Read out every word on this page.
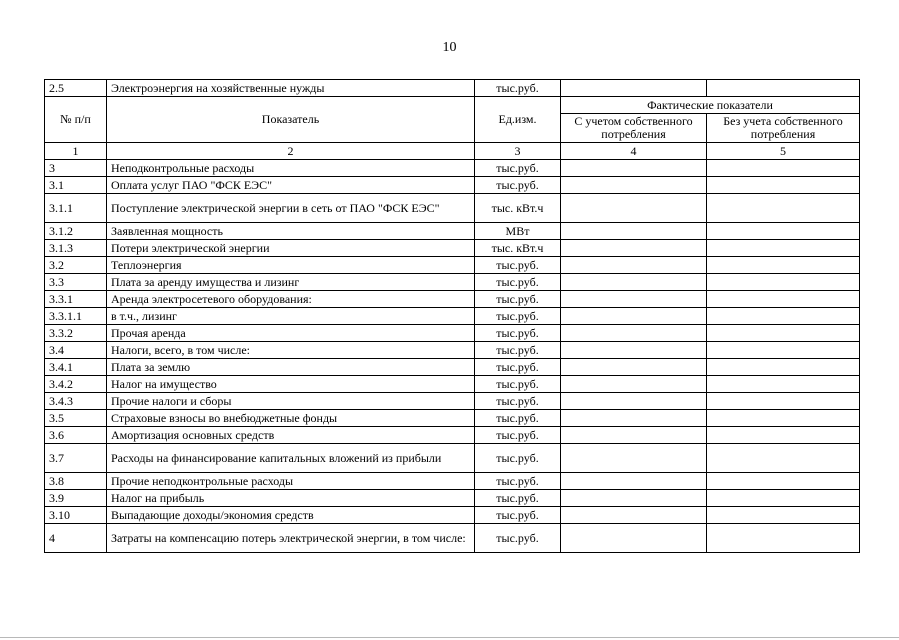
10
2.5	Электроэнергия на хозяйственные нужды	тыс.руб.		
№ п/п	Показатель	Ед.изм.	Фактические показатели	
			С учетом собственного потребления	Без учета собственного потребления
1	2	3	4	5
3	Неподконтрольные расходы	тыс.руб.		
3.1	Оплата услуг ПАО "ФСК ЕЭС"	тыс.руб.		
3.1.1	Поступление электрической энергии в сеть от ПАО "ФСК ЕЭС"	тыс. кВт.ч		
3.1.2	Заявленная мощность	МВт		
3.1.3	Потери электрической энергии	тыс. кВт.ч		
3.2	Теплоэнергия	тыс.руб.		
3.3	Плата за аренду имущества и лизинг	тыс.руб.		
3.3.1	Аренда электросетевого оборудования:	тыс.руб.		
3.3.1.1	в т.ч., лизинг	тыс.руб.		
3.3.2	Прочая аренда	тыс.руб.		
3.4	Налоги, всего, в том числе:	тыс.руб.		
3.4.1	Плата за землю	тыс.руб.		
3.4.2	Налог на имущество	тыс.руб.		
3.4.3	Прочие налоги и сборы	тыс.руб.		
3.5	Страховые взносы во внебюджетные фонды	тыс.руб.		
3.6	Амортизация основных средств	тыс.руб.		
3.7	Расходы на финансирование капитальных вложений из прибыли	тыс.руб.		
3.8	Прочие неподконтрольные расходы	тыс.руб.		
3.9	Налог на прибыль	тыс.руб.		
3.10	Выпадающие доходы/экономия средств	тыс.руб.		
4	Затраты на компенсацию потерь электрической энергии, в том числе:	тыс.руб.		
